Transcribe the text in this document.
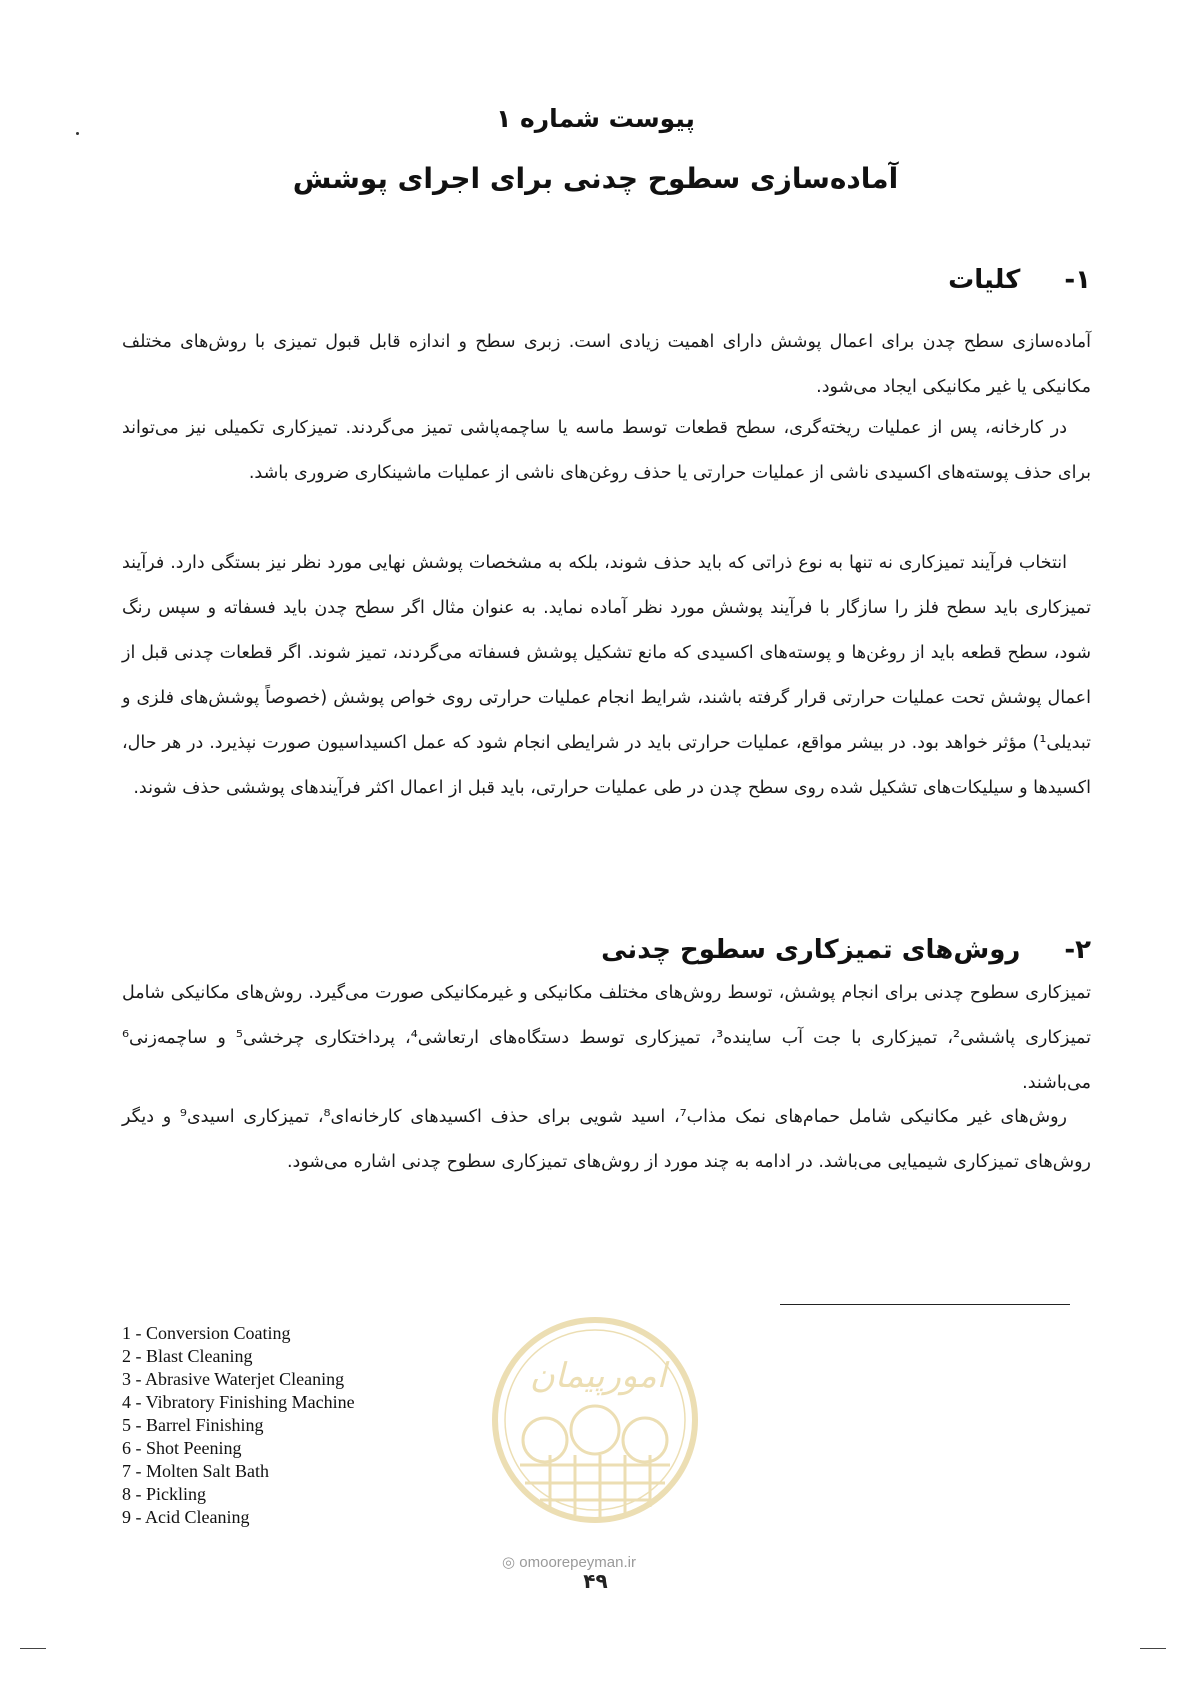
پیوست شماره ۱
آماده‌سازی سطوح چدنی برای اجرای پوشش
۱-کلیات

آماده‌سازی سطح چدن برای اعمال پوشش دارای اهمیت زیادی است. زبری سطح و اندازه قابل قبول تمیزی با روش‌های مختلف مکانیکی یا غیر مکانیکی ایجاد می‌شود.

در کارخانه، پس از عملیات ریخته‌گری، سطح قطعات توسط ماسه یا ساچمه‌پاشی تمیز می‌گردند. تمیزکاری تکمیلی نیز می‌تواند برای حذف پوسته‌های اکسیدی ناشی از عملیات حرارتی یا حذف روغن‌های ناشی از عملیات ماشینکاری ضروری باشد.

انتخاب فرآیند تمیزکاری نه تنها به نوع ذراتی که باید حذف شوند، بلکه به مشخصات پوشش نهایی مورد نظر نیز بستگی دارد. فرآیند تمیزکاری باید سطح فلز را سازگار با فرآیند پوشش مورد نظر آماده نماید. به عنوان مثال اگر سطح چدن باید فسفاته و سپس رنگ شود، سطح قطعه باید از روغن‌ها و پوسته‌های اکسیدی که مانع تشکیل پوشش فسفاته می‌گردند، تمیز شوند. اگر قطعات چدنی قبل از اعمال پوشش تحت عملیات حرارتی قرار گرفته باشند، شرایط انجام عملیات حرارتی روی خواص پوشش (خصوصاً پوشش‌های فلزی و تبدیلی¹) مؤثر خواهد بود. در بیشر مواقع، عملیات حرارتی باید در شرایطی انجام شود که عمل اکسیداسیون صورت نپذیرد. در هر حال، اکسیدها و سیلیکات‌های تشکیل شده روی سطح چدن در طی عملیات حرارتی، باید قبل از اعمال اکثر فرآیندهای پوششی حذف شوند.

۲-روش‌های تمیزکاری سطوح چدنی

تمیزکاری سطوح چدنی برای انجام پوشش، توسط روش‌های مختلف مکانیکی و غیرمکانیکی صورت می‌گیرد. روش‌های مکانیکی شامل تمیزکاری پاششی²، تمیزکاری با جت آب ساینده³، تمیزکاری توسط دستگاه‌های ارتعاشی⁴، پرداختکاری چرخشی⁵ و ساچمه‌زنی⁶ می‌باشند.

روش‌های غیر مکانیکی شامل حمام‌های نمک مذاب⁷، اسید شویی برای حذف اکسیدهای کارخانه‌ای⁸، تمیزکاری اسیدی⁹ و دیگر روش‌های تمیزکاری شیمیایی می‌باشد. در ادامه به چند مورد از روش‌های تمیزکاری سطوح چدنی اشاره می‌شود.

1 - Conversion Coating
2 - Blast Cleaning
3 - Abrasive Waterjet Cleaning
4 - Vibratory Finishing Machine
5 - Barrel Finishing
6 - Shot Peening
7 - Molten Salt Bath
8 - Pickling
9 - Acid Cleaning
امورپیمان
◎ omoorepeyman.ir
۴۹
